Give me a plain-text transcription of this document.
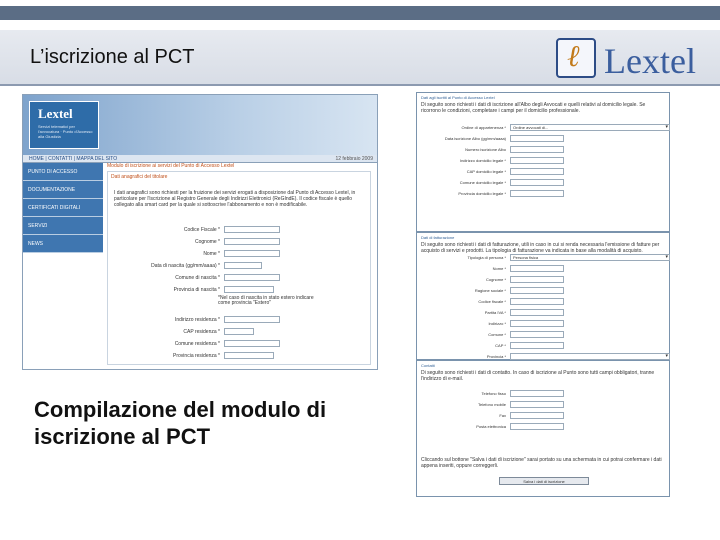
L’iscrizione al PCT	ℓ Lextel
Lextel
Servizi telematici per l'avvocatura · Punto d'Accesso alla Giustizia
HOME | CONTATTI | MAPPA DEL SITO	12 febbraio 2009
PUNTO DI ACCESSO
DOCUMENTAZIONE
CERTIFICATI DIGITALI
SERVIZI
NEWS
Modulo di iscrizione ai servizi del Punto di Accesso Lextel
Dati anagrafici del titolare
I dati anagrafici sono richiesti per la fruizione dei servizi erogati a disposizione dal Punto di Accesso Lextel, in particolare per l'iscrizione al Registro Generale degli Indirizzi Elettronici (ReGIndE). Il codice fiscale è quello collegato alla smart card per la quale si sottoscrive l'abbonamento e non è modificabile.
Codice Fiscale *
Cognome *
Nome *
Data di nascita (gg/mm/aaaa) *
Comune di nascita *
Provincia di nascita *
*Nel caso di nascita in stato estero indicare come provincia "Estero"
Indirizzo residenza *
CAP residenza *
Comune residenza *
Provincia residenza *
Compilazione del modulo di iscrizione al PCT
Dati agli iscritti al Punto di Accesso Lextel
Di seguito sono richiesti i dati di iscrizione all'Albo degli Avvocati e quelli relativi al domicilio legale. Se ricorrono le condizioni, completare i campi per il domicilio professionale.
Ordine di appartenenza *	Ordine avvocati di... ▾
Data iscrizione Albo (gg/mm/aaaa)
Numero iscrizione Albo
Indirizzo domicilio legale *
CAP domicilio legale *
Comune domicilio legale *
Provincia domicilio legale *
Dati di fatturazione
Di seguito sono richiesti i dati di fatturazione, utili in caso in cui si renda necessaria l'emissione di fatture per acquisto di servizi e prodotti. La tipologia di fatturazione va indicata in base alla modalità di acquisto.
Tipologia di persona *	Persona fisica ▾
Nome *
Cognome *
Ragione sociale *
Codice fiscale *
Partita IVA *
Indirizzo *
Comune *
CAP *
Provincia *
▾
Contatti
Di seguito sono richiesti i dati di contatto. In caso di iscrizione al Punto sono tutti campi obbligatori, tranne l'indirizzo di e-mail.
Cliccando sul bottone "Salva i dati di iscrizione" sarai portato su una schermata in cui potrai confermare i dati appena inseriti, oppure correggerli.
Salva i dati di iscrizione
Telefono fisso
Telefono mobile
Fax
Posta elettronica
